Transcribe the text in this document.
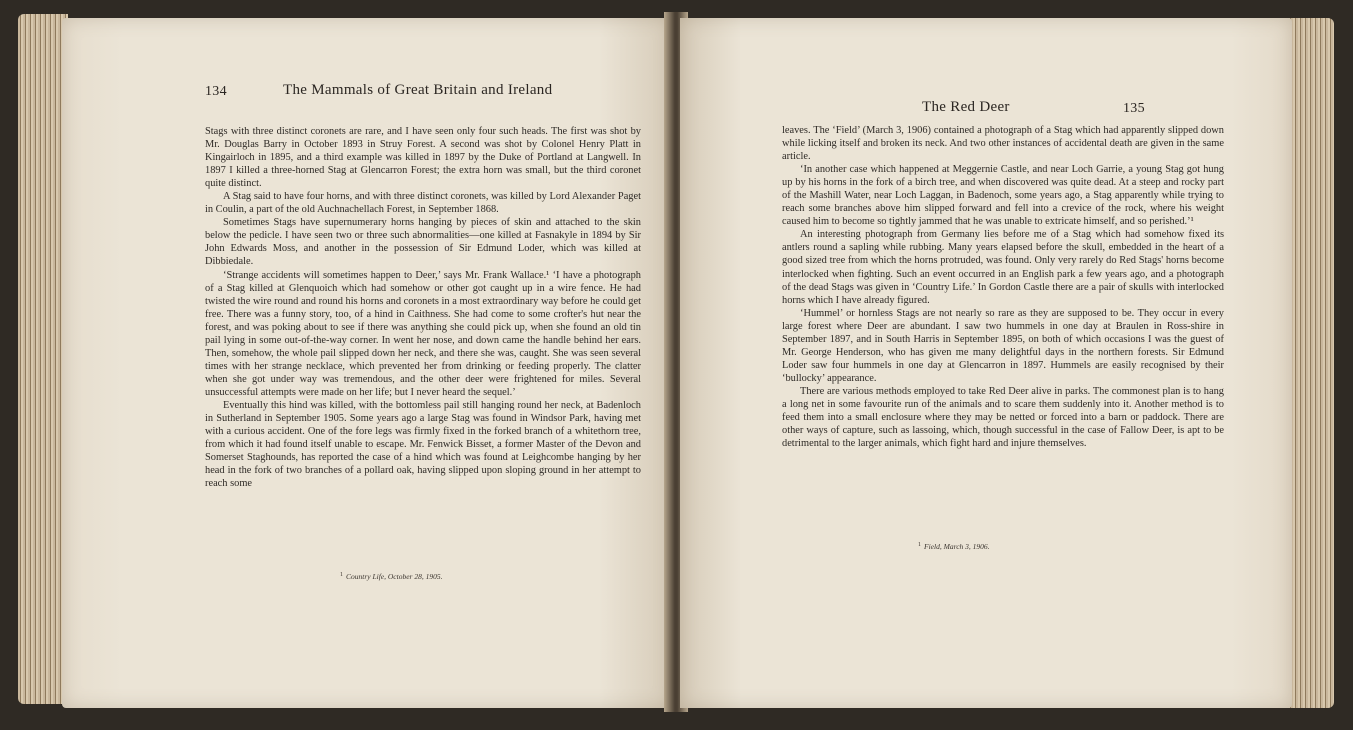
134	The Mammals of Great Britain and Ireland

Stags with three distinct coronets are rare, and I have seen only four such heads. The first was shot by Mr. Douglas Barry in October 1893 in Struy Forest. A second was shot by Colonel Henry Platt in Kingairloch in 1895, and a third example was killed in 1897 by the Duke of Portland at Langwell. In 1897 I killed a three-horned Stag at Glencarron Forest; the extra horn was small, but the third coronet quite distinct.

A Stag said to have four horns, and with three distinct coronets, was killed by Lord Alexander Paget in Coulin, a part of the old Auchnachellach Forest, in September 1868.

Sometimes Stags have supernumerary horns hanging by pieces of skin and attached to the skin below the pedicle. I have seen two or three such abnormalities—one killed at Fasnakyle in 1894 by Sir John Edwards Moss, and another in the possession of Sir Edmund Loder, which was killed at Dibbiedale.

‘Strange accidents will sometimes happen to Deer,’ says Mr. Frank Wallace.¹ ‘I have a photograph of a Stag killed at Glenquoich which had somehow or other got caught up in a wire fence. He had twisted the wire round and round his horns and coronets in a most extraordinary way before he could get free. There was a funny story, too, of a hind in Caithness. She had come to some crofter's hut near the forest, and was poking about to see if there was anything she could pick up, when she found an old tin pail lying in some out-of-the-way corner. In went her nose, and down came the handle behind her ears. Then, somehow, the whole pail slipped down her neck, and there she was, caught. She was seen several times with her strange necklace, which prevented her from drinking or feeding properly. The clatter when she got under way was tremendous, and the other deer were frightened for miles. Several unsuccessful attempts were made on her life; but I never heard the sequel.’

Eventually this hind was killed, with the bottomless pail still hanging round her neck, at Badenloch in Sutherland in September 1905. Some years ago a large Stag was found in Windsor Park, having met with a curious accident. One of the fore legs was firmly fixed in the forked branch of a whitethorn tree, from which it had found itself unable to escape. Mr. Fenwick Bisset, a former Master of the Devon and Somerset Staghounds, has reported the case of a hind which was found at Leighcombe hanging by her head in the fork of two branches of a pollard oak, having slipped upon sloping ground in her attempt to reach some

$^1$ Country Life, October 28, 1905.
The Red Deer	135

leaves. The ‘Field’ (March 3, 1906) contained a photograph of a Stag which had apparently slipped down while licking itself and broken its neck. And two other instances of accidental death are given in the same article.

‘In another case which happened at Meggernie Castle, and near Loch Garrie, a young Stag got hung up by his horns in the fork of a birch tree, and when discovered was quite dead. At a steep and rocky part of the Mashill Water, near Loch Laggan, in Badenoch, some years ago, a Stag apparently while trying to reach some branches above him slipped forward and fell into a crevice of the rock, where his weight caused him to become so tightly jammed that he was unable to extricate himself, and so perished.’¹

An interesting photograph from Germany lies before me of a Stag which had somehow fixed its antlers round a sapling while rubbing. Many years elapsed before the skull, embedded in the heart of a good sized tree from which the horns protruded, was found. Only very rarely do Red Stags' horns become interlocked when fighting. Such an event occurred in an English park a few years ago, and a photograph of the dead Stags was given in ‘Country Life.’ In Gordon Castle there are a pair of skulls with interlocked horns which I have already figured.

‘Hummel’ or hornless Stags are not nearly so rare as they are supposed to be. They occur in every large forest where Deer are abundant. I saw two hummels in one day at Braulen in Ross-shire in September 1897, and in South Harris in September 1895, on both of which occasions I was the guest of Mr. George Henderson, who has given me many delightful days in the northern forests. Sir Edmund Loder saw four hummels in one day at Glencarron in 1897. Hummels are easily recognised by their ‘bullocky’ appearance.

There are various methods employed to take Red Deer alive in parks. The commonest plan is to hang a long net in some favourite run of the animals and to scare them suddenly into it. Another method is to feed them into a small enclosure where they may be netted or forced into a barn or paddock. There are other ways of capture, such as lassoing, which, though successful in the case of Fallow Deer, is apt to be detrimental to the larger animals, which fight hard and injure themselves.

$^1$ Field, March 3, 1906.
